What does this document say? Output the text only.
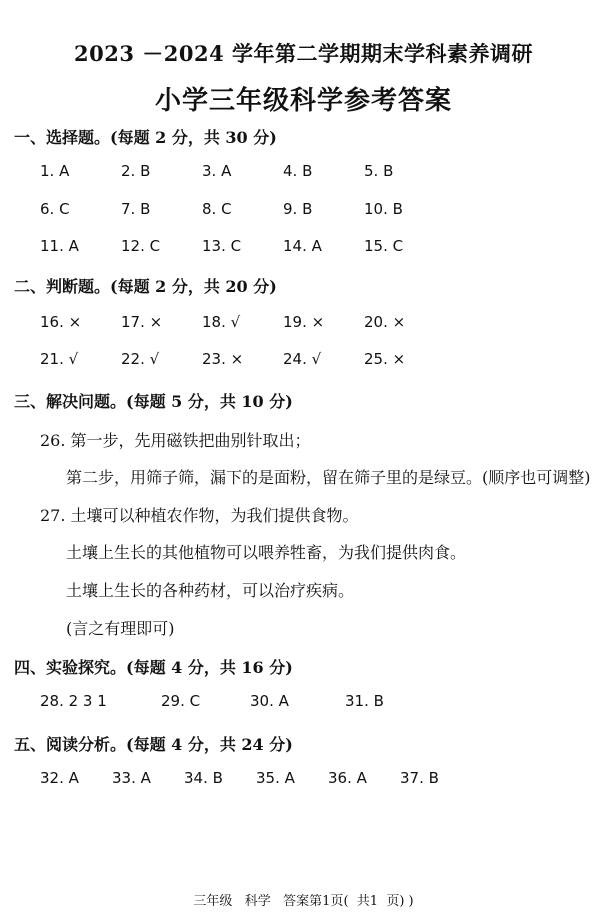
2023 －2024 学年第二学期期末学科素养调研
小学三年级科学参考答案
一、选择题。(每题 2 分，共 30 分)
1. A	2. B	3. A	4. B	5. B
6. C	7. B	8. C	9. B	10. B
11. A	12. C	13. C	14. A	15. C
二、判断题。(每题 2 分，共 20 分)
16. ×	17. ×	18. √	19. ×	20. ×
21. √	22. √	23. ×	24. √	25. ×
三、解决问题。(每题 5 分，共 10 分)
26. 第一步，先用磁铁把曲别针取出；
第二步，用筛子筛，漏下的是面粉，留在筛子里的是绿豆。(顺序也可调整)
27. 土壤可以种植农作物，为我们提供食物。
土壤上生长的其他植物可以喂养牲畜，为我们提供肉食。
土壤上生长的各种药材，可以治疗疾病。
(言之有理即可)
四、实验探究。(每题 4 分，共 16 分)
28. 2 3 1	29. C	30. A	31. B
五、阅读分析。(每题 4 分，共 24 分)
32. A 33. A 34. B 35. A 36. A 37. B
三年级   科学   答案第1页(  共1  页) )
